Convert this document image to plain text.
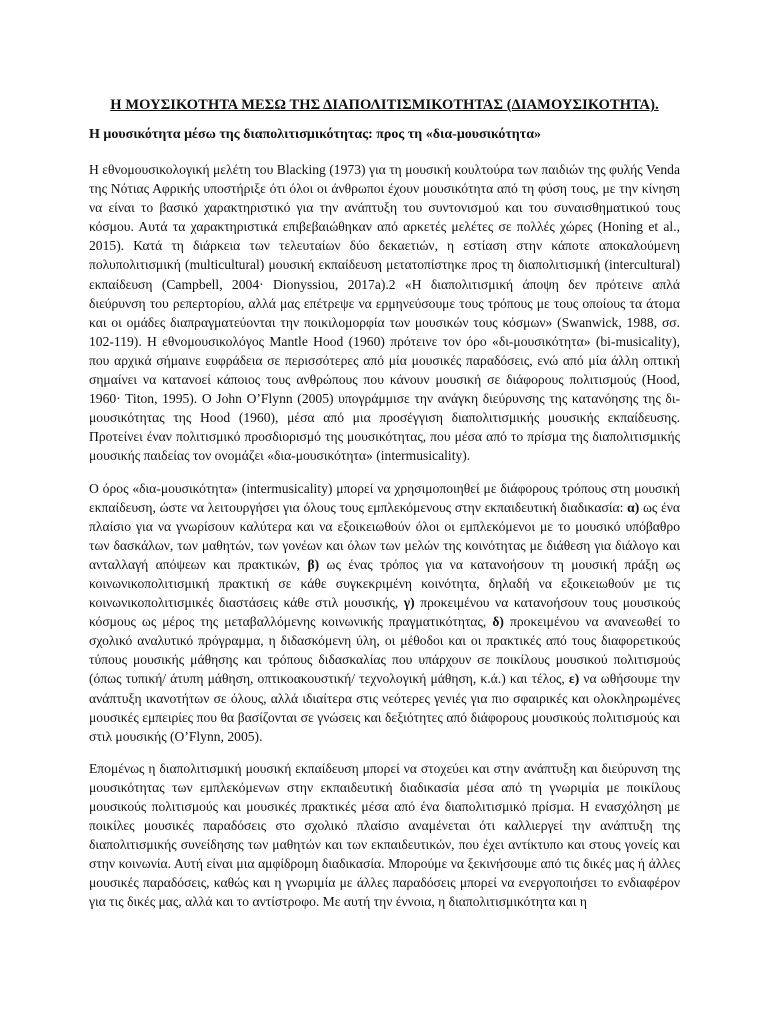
Η ΜΟΥΣΙΚΟΤΗΤΑ ΜΕΣΩ ΤΗΣ ΔΙΑΠΟΛΙΤΙΣΜΙΚΟΤΗΤΑΣ (ΔΙΑΜΟΥΣΙΚΟΤΗΤΑ).
Η μουσικότητα μέσω της διαπολιτισμικότητας: προς τη «δια-μουσικότητα»

Η εθνομουσικολογική μελέτη του Blacking (1973) για τη μουσική κουλτούρα των παιδιών της φυλής Venda της Νότιας Αφρικής υποστήριξε ότι όλοι οι άνθρωποι έχουν μουσικότητα από τη φύση τους, με την κίνηση να είναι το βασικό χαρακτηριστικό για την ανάπτυξη του συντονισμού και του συναισθηματικού τους κόσμου. Αυτά τα χαρακτηριστικά επιβεβαιώθηκαν από αρκετές μελέτες σε πολλές χώρες (Honing et al., 2015). Κατά τη διάρκεια των τελευταίων δύο δεκαετιών, η εστίαση στην κάποτε αποκαλούμενη πολυπολιτισμική (multicultural) μουσική εκπαίδευση μετατοπίστηκε προς τη διαπολιτισμική (intercultural) εκπαίδευση (Campbell, 2004· Dionyssiou, 2017a).2 «Η διαπολιτισμική άποψη δεν πρότεινε απλά διεύρυνση του ρεπερτορίου, αλλά μας επέτρεψε να ερμηνεύσουμε τους τρόπους με τους οποίους τα άτομα και οι ομάδες διαπραγματεύονται την ποικιλομορφία των μουσικών τους κόσμων» (Swanwick, 1988, σσ. 102-119). Η εθνομουσικολόγος Mantle Hood (1960) πρότεινε τον όρο «δι-μουσικότητα» (bi-musicality), που αρχικά σήμαινε ευφράδεια σε περισσότερες από μία μουσικές παραδόσεις, ενώ από μία άλλη οπτική σημαίνει να κατανοεί κάποιος τους ανθρώπους που κάνουν μουσική σε διάφορους πολιτισμούς (Hood, 1960· Titon, 1995). Ο John O’Flynn (2005) υπογράμμισε την ανάγκη διεύρυνσης της κατανόησης της δι-μουσικότητας της Hood (1960), μέσα από μια προσέγγιση διαπολιτισμικής μουσικής εκπαίδευσης. Προτείνει έναν πολιτισμικό προσδιορισμό της μουσικότητας, που μέσα από το πρίσμα της διαπολιτισμικής μουσικής παιδείας τον ονομάζει «δια-μουσικότητα» (intermusicality).

Ο όρος «δια-μουσικότητα» (intermusicality) μπορεί να χρησιμοποιηθεί με διάφορους τρόπους στη μουσική εκπαίδευση, ώστε να λειτουργήσει για όλους τους εμπλεκόμενους στην εκπαιδευτική διαδικασία: α) ως ένα πλαίσιο για να γνωρίσουν καλύτερα και να εξοικειωθούν όλοι οι εμπλεκόμενοι με το μουσικό υπόβαθρο των δασκάλων, των μαθητών, των γονέων και όλων των μελών της κοινότητας με διάθεση για διάλογο και ανταλλαγή απόψεων και πρακτικών, β) ως ένας τρόπος για να κατανοήσουν τη μουσική πράξη ως κοινωνικοπολιτισμική πρακτική σε κάθε συγκεκριμένη κοινότητα, δηλαδή να εξοικειωθούν με τις κοινωνικοπολιτισμικές διαστάσεις κάθε στιλ μουσικής, γ) προκειμένου να κατανοήσουν τους μουσικούς κόσμους ως μέρος της μεταβαλλόμενης κοινωνικής πραγματικότητας, δ) προκειμένου να ανανεωθεί το σχολικό αναλυτικό πρόγραμμα, η διδασκόμενη ύλη, οι μέθοδοι και οι πρακτικές από τους διαφορετικούς τύπους μουσικής μάθησης και τρόπους διδασκαλίας που υπάρχουν σε ποικίλους μουσικού πολιτισμούς (όπως τυπική/ άτυπη μάθηση, οπτικοακουστική/ τεχνολογική μάθηση, κ.ά.) και τέλος, ε) να ωθήσουμε την ανάπτυξη ικανοτήτων σε όλους, αλλά ιδιαίτερα στις νεότερες γενιές για πιο σφαιρικές και ολοκληρωμένες μουσικές εμπειρίες που θα βασίζονται σε γνώσεις και δεξιότητες από διάφορους μουσικούς πολιτισμούς και στιλ μουσικής (O’Flynn, 2005).

Επομένως η διαπολιτισμική μουσική εκπαίδευση μπορεί να στοχεύει και στην ανάπτυξη και διεύρυνση της μουσικότητας των εμπλεκόμενων στην εκπαιδευτική διαδικασία μέσα από τη γνωριμία με ποικίλους μουσικούς πολιτισμούς και μουσικές πρακτικές μέσα από ένα διαπολιτισμικό πρίσμα. Η ενασχόληση με ποικίλες μουσικές παραδόσεις στο σχολικό πλαίσιο αναμένεται ότι καλλιεργεί την ανάπτυξη της διαπολιτισμικής συνείδησης των μαθητών και των εκπαιδευτικών, που έχει αντίκτυπο και στους γονείς και στην κοινωνία. Αυτή είναι μια αμφίδρομη διαδικασία. Μπορούμε να ξεκινήσουμε από τις δικές μας ή άλλες μουσικές παραδόσεις, καθώς και η γνωριμία με άλλες παραδόσεις μπορεί να ενεργοποιήσει το ενδιαφέρον για τις δικές μας, αλλά και το αντίστροφο. Με αυτή την έννοια, η διαπολιτισμικότητα και η
